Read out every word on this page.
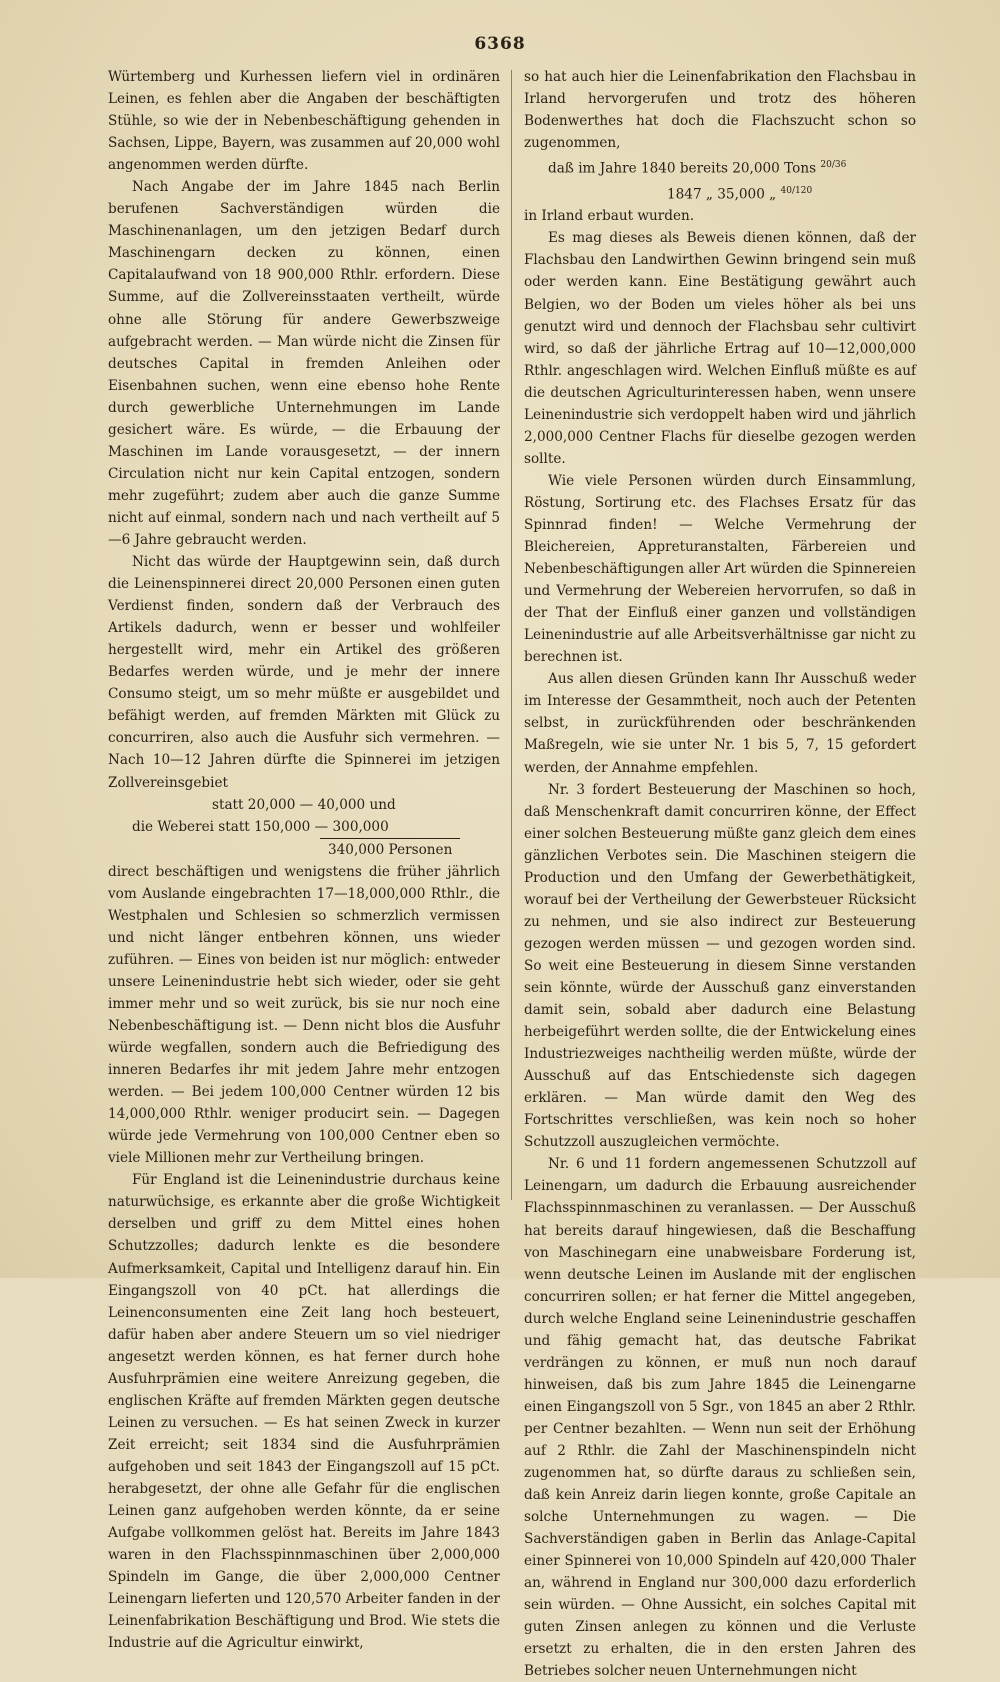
6368

Würtemberg und Kurhessen liefern viel in ordinären Leinen, es fehlen aber die Angaben der beschäftigten Stühle, so wie der in Nebenbeschäftigung gehenden in Sachsen, Lippe, Bayern, was zusammen auf 20,000 wohl angenommen werden dürfte.

Nach Angabe der im Jahre 1845 nach Berlin berufenen Sachverständigen würden die Maschinenanlagen, um den jetzigen Bedarf durch Maschinengarn decken zu können, einen Capitalaufwand von 18 900,000 Rthlr. erfordern. Diese Summe, auf die Zollvereinsstaaten vertheilt, würde ohne alle Störung für andere Gewerbszweige aufgebracht werden. — Man würde nicht die Zinsen für deutsches Capital in fremden Anleihen oder Eisenbahnen suchen, wenn eine ebenso hohe Rente durch gewerbliche Unternehmungen im Lande gesichert wäre. Es würde, — die Erbauung der Maschinen im Lande vorausgesetzt, — der innern Circulation nicht nur kein Capital entzogen, sondern mehr zugeführt; zudem aber auch die ganze Summe nicht auf einmal, sondern nach und nach vertheilt auf 5—6 Jahre gebraucht werden.

Nicht das würde der Hauptgewinn sein, daß durch die Leinenspinnerei direct 20,000 Personen einen guten Verdienst finden, sondern daß der Verbrauch des Artikels dadurch, wenn er besser und wohlfeiler hergestellt wird, mehr ein Artikel des größeren Bedarfes werden würde, und je mehr der innere Consumo steigt, um so mehr müßte er ausgebildet und befähigt werden, auf fremden Märkten mit Glück zu concurriren, also auch die Ausfuhr sich vermehren. — Nach 10—12 Jahren dürfte die Spinnerei im jetzigen Zollvereinsgebiet

statt 20,000 — 40,000 und
die Weberei statt 150,000 — 300,000
340,000 Personen

direct beschäftigen und wenigstens die früher jährlich vom Auslande eingebrachten 17—18,000,000 Rthlr., die Westphalen und Schlesien so schmerzlich vermissen und nicht länger entbehren können, uns wieder zuführen. — Eines von beiden ist nur möglich: entweder unsere Leinenindustrie hebt sich wieder, oder sie geht immer mehr und so weit zurück, bis sie nur noch eine Nebenbeschäftigung ist. — Denn nicht blos die Ausfuhr würde wegfallen, sondern auch die Befriedigung des inneren Bedarfes ihr mit jedem Jahre mehr entzogen werden. — Bei jedem 100,000 Centner würden 12 bis 14,000,000 Rthlr. weniger producirt sein. — Dagegen würde jede Vermehrung von 100,000 Centner eben so viele Millionen mehr zur Vertheilung bringen.

Für England ist die Leinenindustrie durchaus keine naturwüchsige, es erkannte aber die große Wichtigkeit derselben und griff zu dem Mittel eines hohen Schutzzolles; dadurch lenkte es die besondere Aufmerksamkeit, Capital und Intelligenz darauf hin. Ein Eingangszoll von 40 pCt. hat allerdings die Leinenconsumenten eine Zeit lang hoch besteuert, dafür haben aber andere Steuern um so viel niedriger angesetzt werden können, es hat ferner durch hohe Ausfuhrprämien eine weitere Anreizung gegeben, die englischen Kräfte auf fremden Märkten gegen deutsche Leinen zu versuchen. — Es hat seinen Zweck in kurzer Zeit erreicht; seit 1834 sind die Ausfuhrprämien aufgehoben und seit 1843 der Eingangszoll auf 15 pCt. herabgesetzt, der ohne alle Gefahr für die englischen Leinen ganz aufgehoben werden könnte, da er seine Aufgabe vollkommen gelöst hat. Bereits im Jahre 1843 waren in den Flachsspinnmaschinen über 2,000,000 Spindeln im Gange, die über 2,000,000 Centner Leinengarn lieferten und 120,570 Arbeiter fanden in der Leinenfabrikation Beschäftigung und Brod. Wie stets die Industrie auf die Agricultur einwirkt,

so hat auch hier die Leinenfabrikation den Flachsbau in Irland hervorgerufen und trotz des höheren Bodenwerthes hat doch die Flachszucht schon so zugenommen,

daß im Jahre 1840 bereits 20,000 Tons $^{20/36}$
1847 „ 35,000 „ $^{40/120}$

in Irland erbaut wurden.

Es mag dieses als Beweis dienen können, daß der Flachsbau den Landwirthen Gewinn bringend sein muß oder werden kann. Eine Bestätigung gewährt auch Belgien, wo der Boden um vieles höher als bei uns genutzt wird und dennoch der Flachsbau sehr cultivirt wird, so daß der jährliche Ertrag auf 10—12,000,000 Rthlr. angeschlagen wird. Welchen Einfluß müßte es auf die deutschen Agriculturinteressen haben, wenn unsere Leinenindustrie sich verdoppelt haben wird und jährlich 2,000,000 Centner Flachs für dieselbe gezogen werden sollte.

Wie viele Personen würden durch Einsammlung, Röstung, Sortirung etc. des Flachses Ersatz für das Spinnrad finden! — Welche Vermehrung der Bleichereien, Appreturanstalten, Färbereien und Nebenbeschäftigungen aller Art würden die Spinnereien und Vermehrung der Webereien hervorrufen, so daß in der That der Einfluß einer ganzen und vollständigen Leinenindustrie auf alle Arbeitsverhältnisse gar nicht zu berechnen ist.

Aus allen diesen Gründen kann Ihr Ausschuß weder im Interesse der Gesammtheit, noch auch der Petenten selbst, in zurückführenden oder beschränkenden Maßregeln, wie sie unter Nr. 1 bis 5, 7, 15 gefordert werden, der Annahme empfehlen.

Nr. 3 fordert Besteuerung der Maschinen so hoch, daß Menschenkraft damit concurriren könne, der Effect einer solchen Besteuerung müßte ganz gleich dem eines gänzlichen Verbotes sein. Die Maschinen steigern die Production und den Umfang der Gewerbethätigkeit, worauf bei der Vertheilung der Gewerbsteuer Rücksicht zu nehmen, und sie also indirect zur Besteuerung gezogen werden müssen — und gezogen worden sind. So weit eine Besteuerung in diesem Sinne verstanden sein könnte, würde der Ausschuß ganz einverstanden damit sein, sobald aber dadurch eine Belastung herbeigeführt werden sollte, die der Entwickelung eines Industriezweiges nachtheilig werden müßte, würde der Ausschuß auf das Entschiedenste sich dagegen erklären. — Man würde damit den Weg des Fortschrittes verschließen, was kein noch so hoher Schutzzoll auszugleichen vermöchte.

Nr. 6 und 11 fordern angemessenen Schutzzoll auf Leinengarn, um dadurch die Erbauung ausreichender Flachsspinnmaschinen zu veranlassen. — Der Ausschuß hat bereits darauf hingewiesen, daß die Beschaffung von Maschinegarn eine unabweisbare Forderung ist, wenn deutsche Leinen im Auslande mit der englischen concurriren sollen; er hat ferner die Mittel angegeben, durch welche England seine Leinenindustrie geschaffen und fähig gemacht hat, das deutsche Fabrikat verdrängen zu können, er muß nun noch darauf hinweisen, daß bis zum Jahre 1845 die Leinengarne einen Eingangszoll von 5 Sgr., von 1845 an aber 2 Rthlr. per Centner bezahlten. — Wenn nun seit der Erhöhung auf 2 Rthlr. die Zahl der Maschinenspindeln nicht zugenommen hat, so dürfte daraus zu schließen sein, daß kein Anreiz darin liegen konnte, große Capitale an solche Unternehmungen zu wagen. — Die Sachverständigen gaben in Berlin das Anlage-Capital einer Spinnerei von 10,000 Spindeln auf 420,000 Thaler an, während in England nur 300,000 dazu erforderlich sein würden. — Ohne Aussicht, ein solches Capital mit guten Zinsen anlegen zu können und die Verluste ersetzt zu erhalten, die in den ersten Jahren des Betriebes solcher neuen Unternehmungen nicht
